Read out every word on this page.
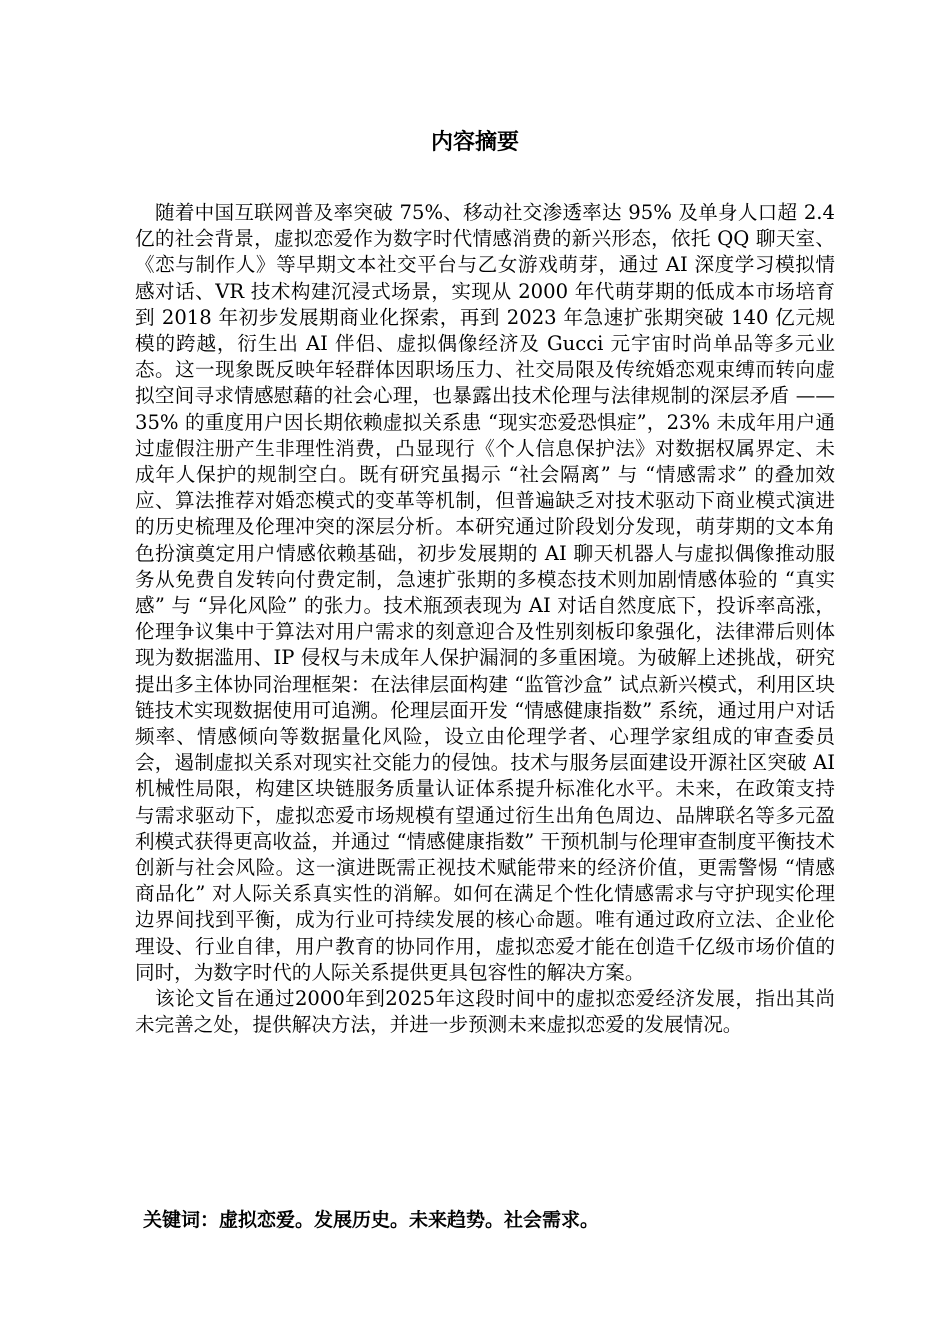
内容摘要

随着中国互联网普及率突破 75%、移动社交渗透率达 95% 及单身人口超 2.4 亿的社会背景，虚拟恋爱作为数字时代情感消费的新兴形态，依托 QQ 聊天室、《恋与制作人》等早期文本社交平台与乙女游戏萌芽，通过 AI 深度学习模拟情感对话、VR 技术构建沉浸式场景，实现从 2000 年代萌芽期的低成本市场培育到 2018 年初步发展期商业化探索，再到 2023 年急速扩张期突破 140 亿元规模的跨越，衍生出 AI 伴侣、虚拟偶像经济及 Gucci 元宇宙时尚单品等多元业态。这一现象既反映年轻群体因职场压力、社交局限及传统婚恋观束缚而转向虚拟空间寻求情感慰藉的社会心理，也暴露出技术伦理与法律规制的深层矛盾 —— 35% 的重度用户因长期依赖虚拟关系患 “现实恋爱恐惧症”，23% 未成年用户通过虚假注册产生非理性消费，凸显现行《个人信息保护法》对数据权属界定、未成年人保护的规制空白。既有研究虽揭示 “社会隔离” 与 “情感需求” 的叠加效应、算法推荐对婚恋模式的变革等机制，但普遍缺乏对技术驱动下商业模式演进的历史梳理及伦理冲突的深层分析。本研究通过阶段划分发现，萌芽期的文本角色扮演奠定用户情感依赖基础，初步发展期的 AI 聊天机器人与虚拟偶像推动服务从免费自发转向付费定制，急速扩张期的多模态技术则加剧情感体验的 “真实感” 与 “异化风险” 的张力。技术瓶颈表现为 AI 对话自然度底下，投诉率高涨，伦理争议集中于算法对用户需求的刻意迎合及性别刻板印象强化，法律滞后则体现为数据滥用、IP 侵权与未成年人保护漏洞的多重困境。为破解上述挑战，研究提出多主体协同治理框架：在法律层面构建 “监管沙盒” 试点新兴模式，利用区块链技术实现数据使用可追溯。伦理层面开发 “情感健康指数” 系统，通过用户对话频率、情感倾向等数据量化风险，设立由伦理学者、心理学家组成的审查委员会，遏制虚拟关系对现实社交能力的侵蚀。技术与服务层面建设开源社区突破 AI 机械性局限，构建区块链服务质量认证体系提升标准化水平。未来，在政策支持与需求驱动下，虚拟恋爱市场规模有望通过衍生出角色周边、品牌联名等多元盈利模式获得更高收益，并通过 “情感健康指数” 干预机制与伦理审查制度平衡技术创新与社会风险。这一演进既需正视技术赋能带来的经济价值，更需警惕 “情感商品化” 对人际关系真实性的消解。如何在满足个性化情感需求与守护现实伦理边界间找到平衡，成为行业可持续发展的核心命题。唯有通过政府立法、企业伦理设、行业自律，用户教育的协同作用，虚拟恋爱才能在创造千亿级市场价值的同时，为数字时代的人际关系提供更具包容性的解决方案。

该论文旨在通过2000年到2025年这段时间中的虚拟恋爱经济发展，指出其尚未完善之处，提供解决方法，并进一步预测未来虚拟恋爱的发展情况。

关键词：虚拟恋爱。发展历史。未来趋势。社会需求。
